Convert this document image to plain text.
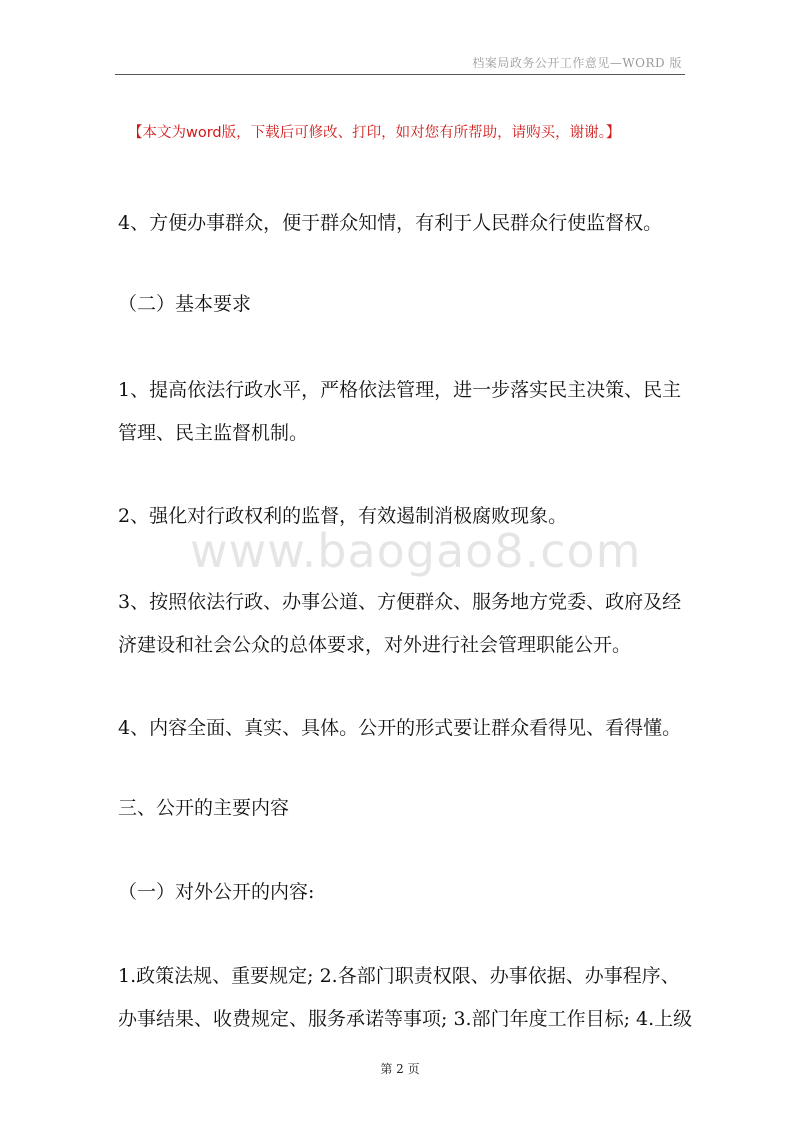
档案局政务公开工作意见—WORD 版
【本文为word版，下载后可修改、打印，如对您有所帮助，请购买，谢谢。】
4、方便办事群众，便于群众知情，有利于人民群众行使监督权。
（二）基本要求
1、提高依法行政水平，严格依法管理，进一步落实民主决策、民主
管理、民主监督机制。
2、强化对行政权利的监督，有效遏制消极腐败现象。
3、按照依法行政、办事公道、方便群众、服务地方党委、政府及经
济建设和社会公众的总体要求，对外进行社会管理职能公开。
4、内容全面、真实、具体。公开的形式要让群众看得见、看得懂。
三、公开的主要内容
（一）对外公开的内容:
1.政策法规、重要规定; 2.各部门职责权限、办事依据、办事程序、
办事结果、收费规定、服务承诺等事项; 3.部门年度工作目标; 4.上级
www.baogao8.com
第 2 页
